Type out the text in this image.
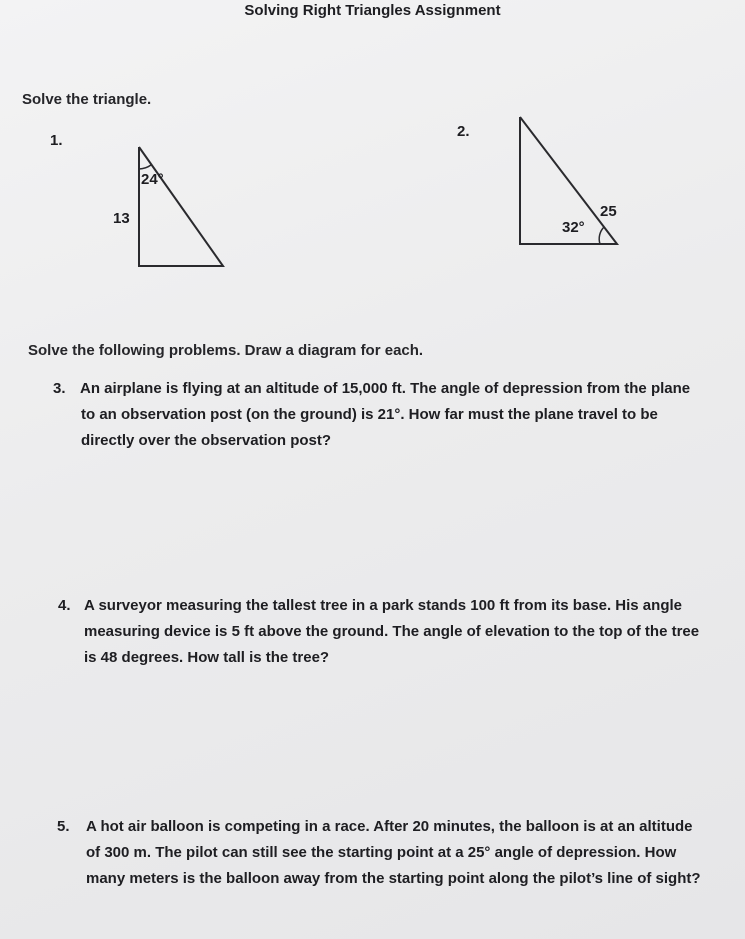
Solving Right Triangles Assignment
Solve the triangle.
1.
24°
13
2.
25
32°
Solve the following problems. Draw a diagram for each.
3. An airplane is flying at an altitude of 15,000 ft. The angle of depression from the plane
to an observation post (on the ground) is 21°. How far must the plane travel to be
directly over the observation post?
4. A surveyor measuring the tallest tree in a park stands 100 ft from its base. His angle
measuring device is 5 ft above the ground. The angle of elevation to the top of the tree
is 48 degrees. How tall is the tree?
5. A hot air balloon is competing in a race. After 20 minutes, the balloon is at an altitude
of 300 m. The pilot can still see the starting point at a 25° angle of depression. How
many meters is the balloon away from the starting point along the pilot’s line of sight?
